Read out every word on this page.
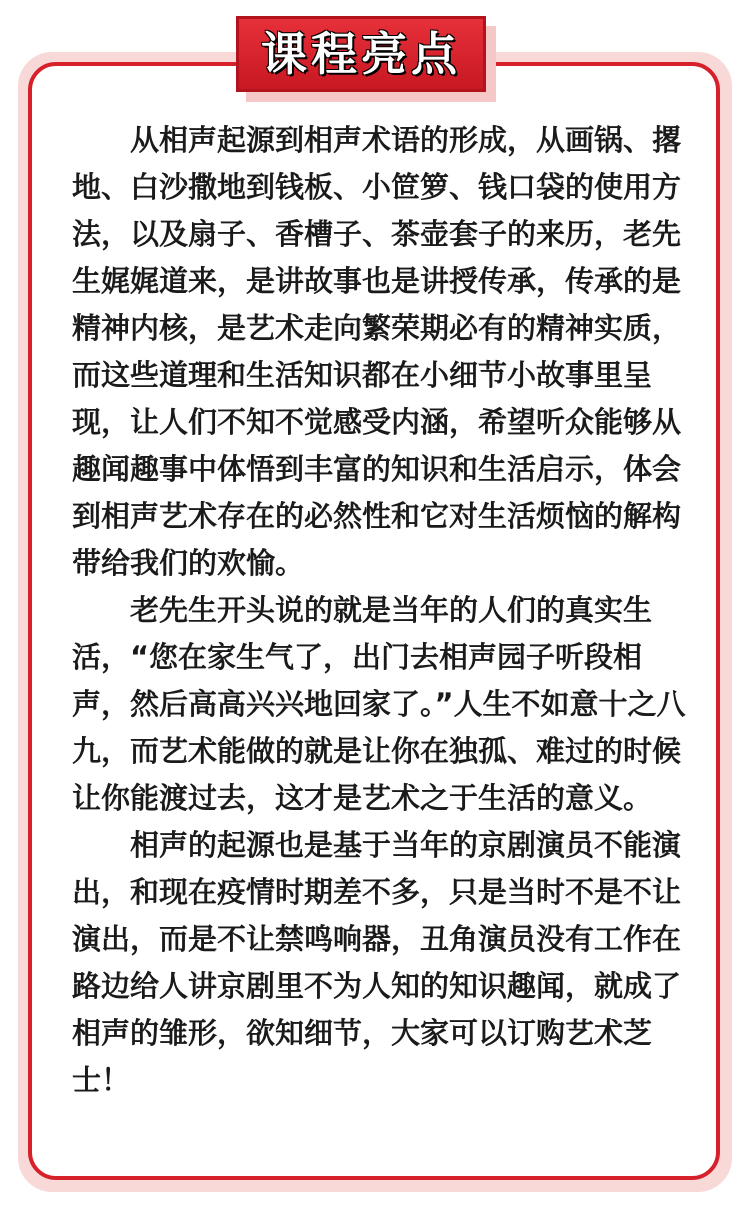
课程亮点

从相声起源到相声术语的形成，从画锅、撂地、白沙撒地到钱板、小笸箩、钱口袋的使用方法，以及扇子、香槽子、茶壶套子的来历，老先生娓娓道来，是讲故事也是讲授传承，传承的是精神内核，是艺术走向繁荣期必有的精神实质，而这些道理和生活知识都在小细节小故事里呈现，让人们不知不觉感受内涵，希望听众能够从趣闻趣事中体悟到丰富的知识和生活启示，体会到相声艺术存在的必然性和它对生活烦恼的解构带给我们的欢愉。

老先生开头说的就是当年的人们的真实生活，“您在家生气了，出门去相声园子听段相声，然后高高兴兴地回家了。”人生不如意十之八九，而艺术能做的就是让你在独孤、难过的时候让你能渡过去，这才是艺术之于生活的意义。

相声的起源也是基于当年的京剧演员不能演出，和现在疫情时期差不多，只是当时不是不让演出，而是不让禁鸣响器，丑角演员没有工作在路边给人讲京剧里不为人知的知识趣闻，就成了相声的雏形，欲知细节，大家可以订购艺术芝士！
